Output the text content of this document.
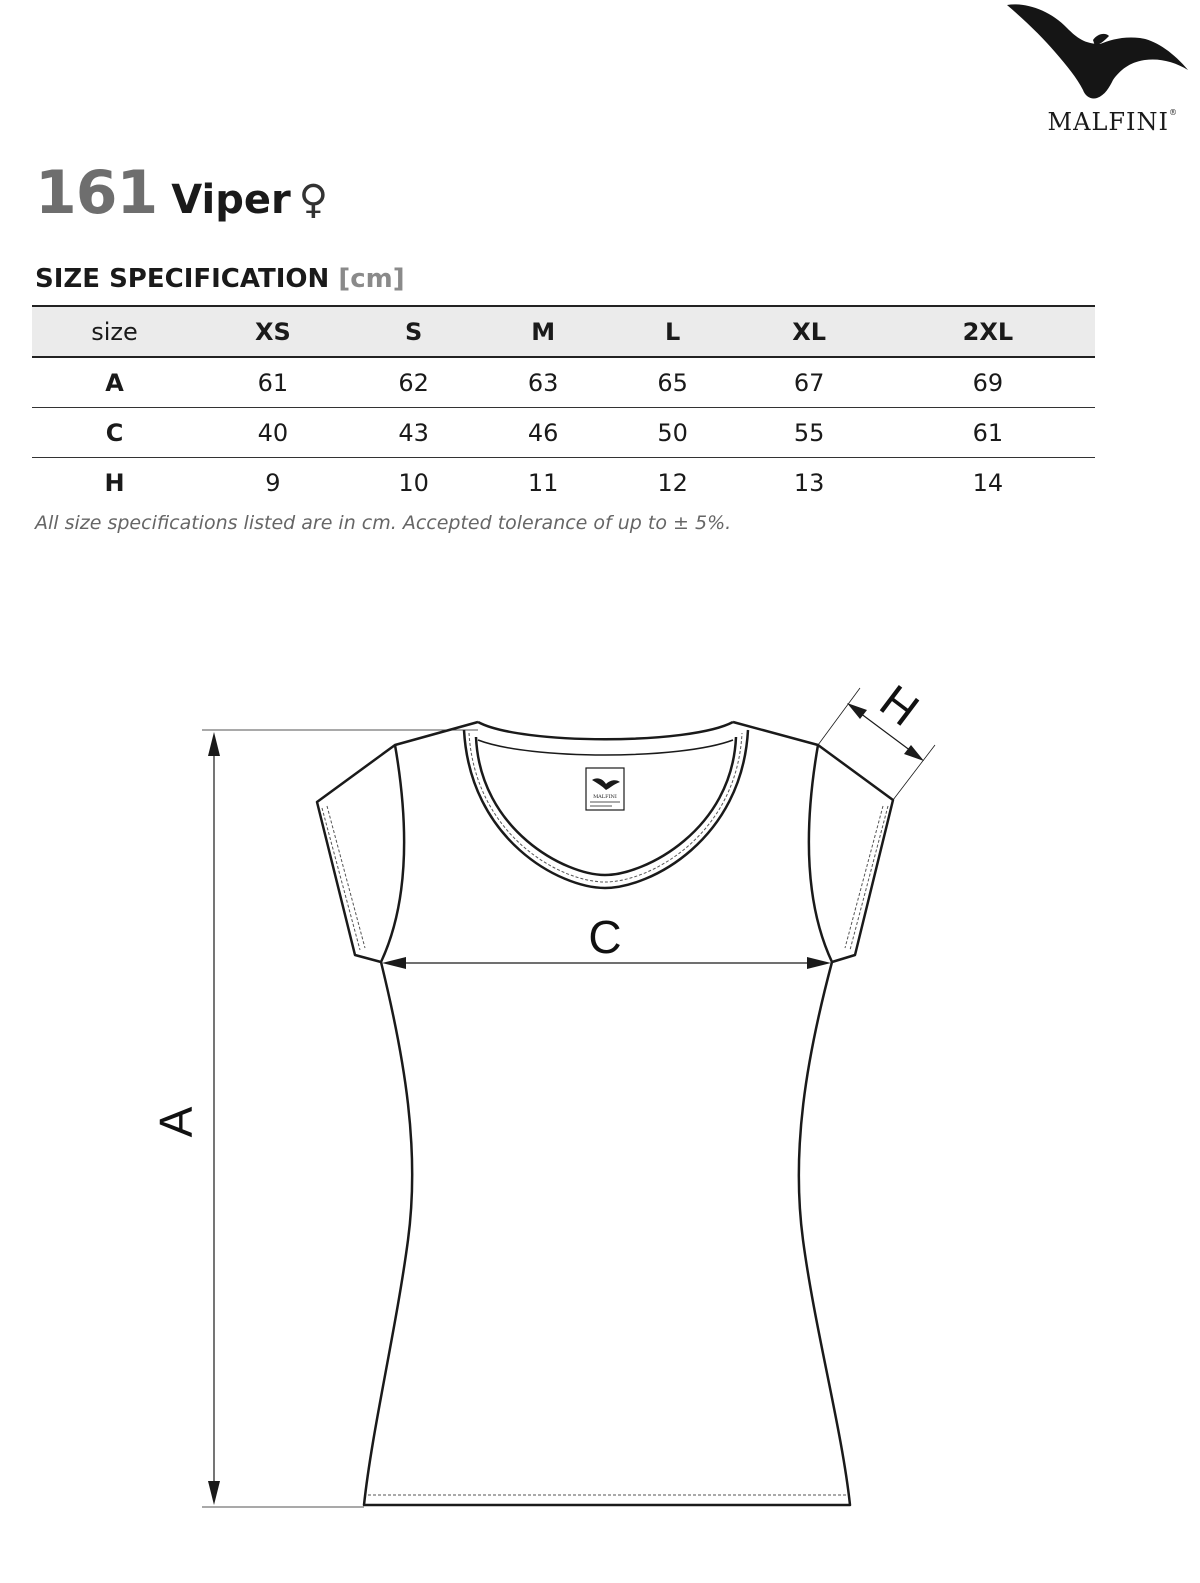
MALFINI®
161 Viper ♀
SIZE SPECIFICATION [cm]
size	XS	S	M	L	XL	2XL
A	61	62	63	65	67	69
C	40	43	46	50	55	61
H	9	10	11	12	13	14
All size specifications listed are in cm. Accepted tolerance of up to ± 5%.
MALFINI
A
C
H
